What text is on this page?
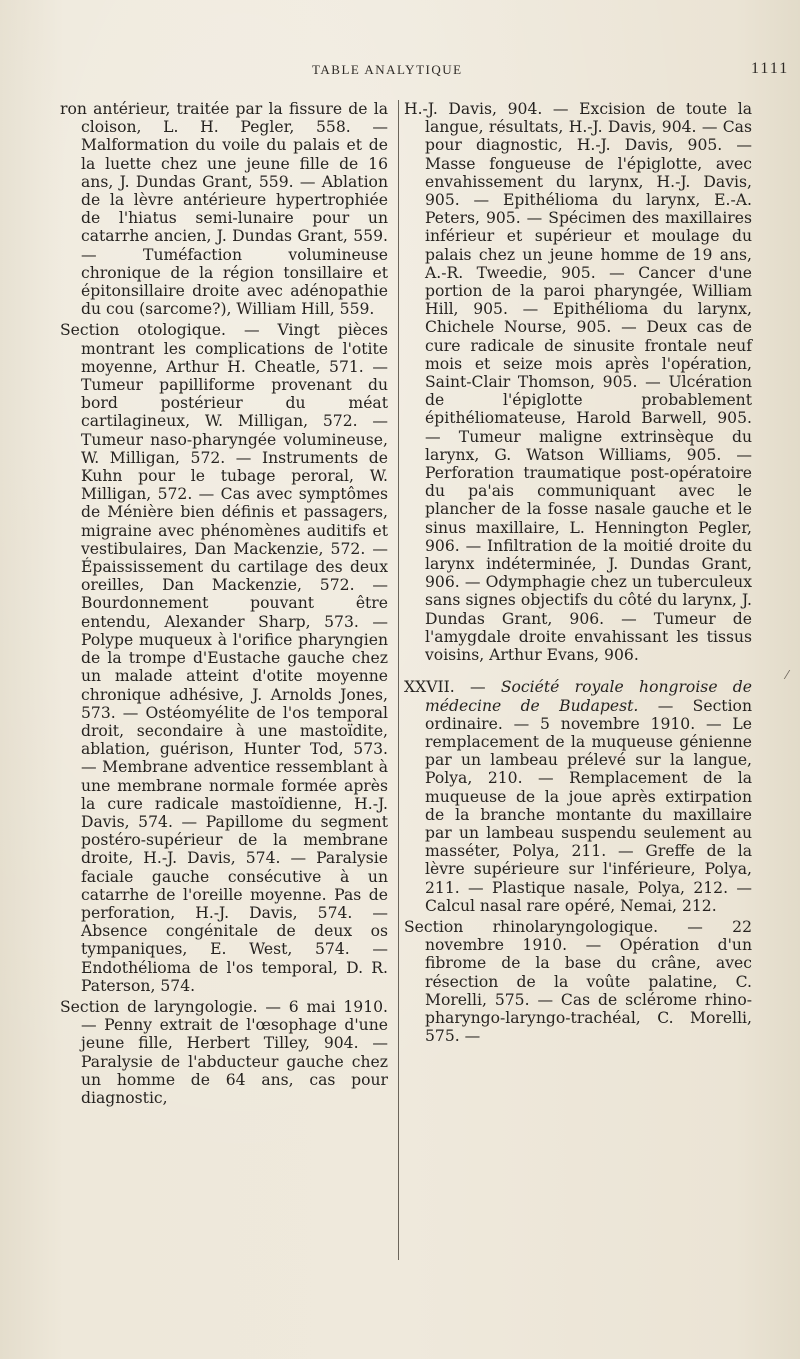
TABLE ANALYTIQUE	1111

ron antérieur, traitée par la fissure de la cloison, L. H. Pegler, 558. — Malformation du voile du palais et de la luette chez une jeune fille de 16 ans, J. Dundas Grant, 559. — Ablation de la lèvre antérieure hypertrophiée de l'hiatus semi-lunaire pour un catarrhe ancien, J. Dundas Grant, 559. — Tuméfaction volumineuse chronique de la région tonsillaire et épitonsillaire droite avec adénopathie du cou (sarcome?), William Hill, 559.

Section otologique. — Vingt pièces montrant les complications de l'otite moyenne, Arthur H. Cheatle, 571. — Tumeur papilliforme provenant du bord postérieur du méat cartilagineux, W. Milligan, 572. — Tumeur naso-pharyngée volumineuse, W. Milligan, 572. — Instruments de Kuhn pour le tubage peroral, W. Milligan, 572. — Cas avec symptômes de Ménière bien définis et passagers, migraine avec phénomènes auditifs et vestibulaires, Dan Mackenzie, 572. — Épaississement du cartilage des deux oreilles, Dan Mackenzie, 572. — Bourdonnement pouvant être entendu, Alexander Sharp, 573. — Polype muqueux à l'orifice pharyngien de la trompe d'Eustache gauche chez un malade atteint d'otite moyenne chronique adhésive, J. Arnolds Jones, 573. — Ostéomyélite de l'os temporal droit, secondaire à une mastoïdite, ablation, guérison, Hunter Tod, 573. — Membrane adventice ressemblant à une membrane normale formée après la cure radicale mastoïdienne, H.-J. Davis, 574. — Papillome du segment postéro-supérieur de la membrane droite, H.-J. Davis, 574. — Paralysie faciale gauche consécutive à un catarrhe de l'oreille moyenne. Pas de perforation, H.-J. Davis, 574. — Absence congénitale de deux os tympaniques, E. West, 574. — Endothélioma de l'os temporal, D. R. Paterson, 574.

Section de laryngologie. — 6 mai 1910. — Penny extrait de l'œsophage d'une jeune fille, Herbert Tilley, 904. — Paralysie de l'abducteur gauche chez un homme de 64 ans, cas pour diagnostic,

H.-J. Davis, 904. — Excision de toute la langue, résultats, H.-J. Davis, 904. — Cas pour diagnostic, H.-J. Davis, 905. — Masse fongueuse de l'épiglotte, avec envahissement du larynx, H.-J. Davis, 905. — Epithélioma du larynx, E.-A. Peters, 905. — Spécimen des maxillaires inférieur et supérieur et moulage du palais chez un jeune homme de 19 ans, A.-R. Tweedie, 905. — Cancer d'une portion de la paroi pharyngée, William Hill, 905. — Epithélioma du larynx, Chichele Nourse, 905. — Deux cas de cure radicale de sinusite frontale neuf mois et seize mois après l'opération, Saint-Clair Thomson, 905. — Ulcération de l'épiglotte probablement épithéliomateuse, Harold Barwell, 905. — Tumeur maligne extrinsèque du larynx, G. Watson Williams, 905. — Perforation traumatique post-opératoire du pa'ais communiquant avec le plancher de la fosse nasale gauche et le sinus maxillaire, L. Hennington Pegler, 906. — Infiltration de la moitié droite du larynx indéterminée, J. Dundas Grant, 906. — Odymphagie chez un tuberculeux sans signes objectifs du côté du larynx, J. Dundas Grant, 906. — Tumeur de l'amygdale droite envahissant les tissus voisins, Arthur Evans, 906.

XXVII. — Société royale hongroise de médecine de Budapest. — Section ordinaire. — 5 novembre 1910. — Le remplacement de la muqueuse génienne par un lambeau prélevé sur la langue, Polya, 210. — Remplacement de la muqueuse de la joue après extirpation de la branche montante du maxillaire par un lambeau suspendu seulement au masséter, Polya, 211. — Greffe de la lèvre supérieure sur l'inférieure, Polya, 211. — Plastique nasale, Polya, 212. — Calcul nasal rare opéré, Nemai, 212.

Section rhinolaryngologique. — 22 novembre 1910. — Opération d'un fibrome de la base du crâne, avec résection de la voûte palatine, C. Morelli, 575. — Cas de sclérome rhino-pharyngo-laryngo-trachéal, C. Morelli, 575. —

⁄
